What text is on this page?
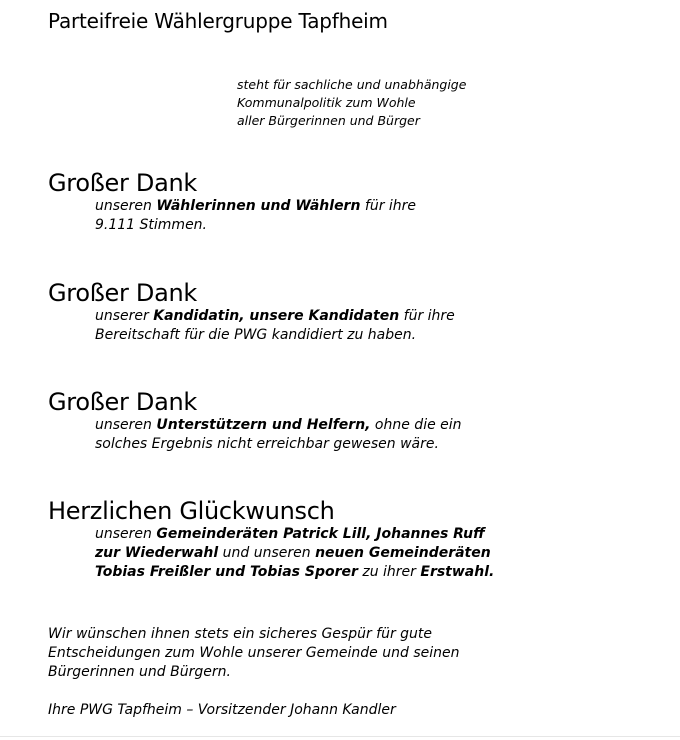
Parteifreie Wählergruppe Tapfheim
steht für sachliche und unabhängige
Kommunalpolitik zum Wohle
aller Bürgerinnen und Bürger
Großer Dank
unseren Wählerinnen und Wählern für ihre
9.111 Stimmen.
Großer Dank
unserer Kandidatin, unsere Kandidaten für ihre
Bereitschaft für die PWG kandidiert zu haben.
Großer Dank
unseren Unterstützern und Helfern, ohne die ein
solches Ergebnis nicht erreichbar gewesen wäre.
Herzlichen Glückwunsch
unseren Gemeinderäten Patrick Lill, Johannes Ruff
zur Wiederwahl und unseren neuen Gemeinderäten
Tobias Freißler und Tobias Sporer zu ihrer Erstwahl.
Wir wünschen ihnen stets ein sicheres Gespür für gute
Entscheidungen zum Wohle unserer Gemeinde und seinen
Bürgerinnen und Bürgern.
Ihre PWG Tapfheim – Vorsitzender Johann Kandler
